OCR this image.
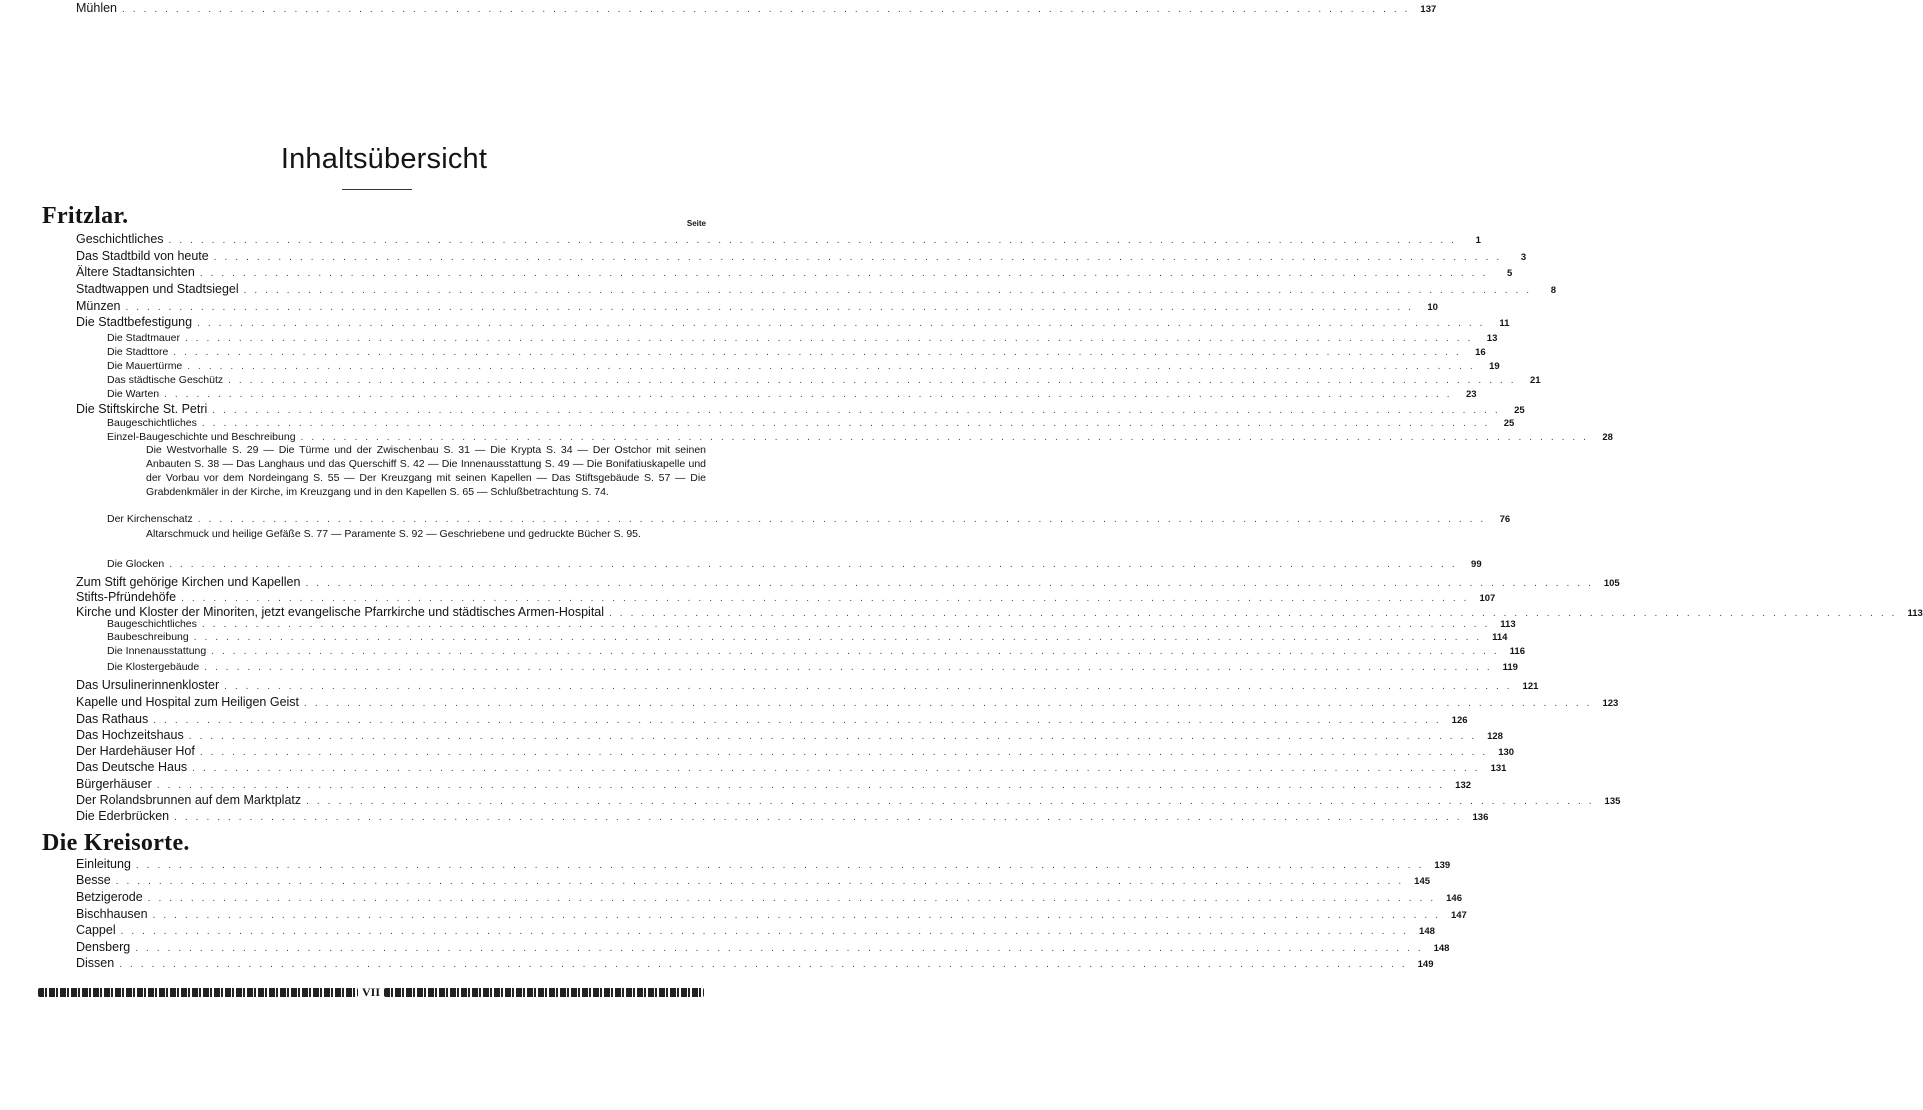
Inhaltsübersicht
Fritzlar.	Seite
Die Kreisorte.
Geschichtliches ........................................................................................................................	1
Das Stadtbild von heute ........................................................................................................................	3
Ältere Stadtansichten ........................................................................................................................	5
Stadtwappen und Stadtsiegel ........................................................................................................................	8
Münzen ........................................................................................................................ 10
Die Stadtbefestigung ........................................................................................................................ 11
Die Stadtmauer ........................................................................................................................ 13
Die Stadttore ........................................................................................................................ 16
Die Mauertürme ........................................................................................................................ 19
Das städtische Geschütz ........................................................................................................................ 21
Die Warten ........................................................................................................................ 23
Die Stiftskirche St. Petri ........................................................................................................................ 25
Baugeschichtliches ........................................................................................................................ 25
Einzel-Baugeschichte und Beschreibung ........................................................................................................................ 28
Die Westvorhalle S. 29 — Die Türme und der Zwischenbau S. 31 — Die Krypta S. 34 — Der Ostchor mit seinen Anbauten S. 38 — Das Langhaus und das Querschiff S. 42 — Die Innenausstattung S. 49 — Die Bonifatiuskapelle und der Vorbau vor dem Nordeingang S. 55 — Der Kreuzgang mit seinen Kapellen — Das Stiftsgebäude S. 57 — Die Grabdenkmäler in der Kirche, im Kreuzgang und in den Kapellen S. 65 — Schlußbetrachtung S. 74.
Der Kirchenschatz ........................................................................................................................ 76
Altarschmuck und heilige Gefäße S. 77 — Paramente S. 92 — Geschriebene und gedruckte Bücher S. 95.
Die Glocken ........................................................................................................................ 99
Zum Stift gehörige Kirchen und Kapellen ........................................................................................................................ 105
Stifts-Pfründehöfe ........................................................................................................................ 107
Kirche und Kloster der Minoriten, jetzt evangelische Pfarrkirche und städtisches Armen-Hospital ........................................................................................................................ 113
Baugeschichtliches ........................................................................................................................ 113
Baubeschreibung ........................................................................................................................ 114
Die Innenausstattung ........................................................................................................................ 116
Die Klostergebäude ........................................................................................................................ 119
Das Ursulinerinnenkloster ........................................................................................................................ 121
Kapelle und Hospital zum Heiligen Geist ........................................................................................................................ 123
Das Rathaus ........................................................................................................................ 126
Das Hochzeitshaus ........................................................................................................................ 128
Der Hardehäuser Hof ........................................................................................................................ 130
Das Deutsche Haus ........................................................................................................................ 131
Bürgerhäuser ........................................................................................................................ 132
Der Rolandsbrunnen auf dem Marktplatz ........................................................................................................................ 135
Die Ederbrücken ........................................................................................................................ 136
Mühlen ........................................................................................................................ 137
Einleitung ........................................................................................................................ 139
Besse ........................................................................................................................ 145
Betzigerode ........................................................................................................................ 146
Bischhausen ........................................................................................................................ 147
Cappel ........................................................................................................................ 148
Densberg ........................................................................................................................ 148
Dissen ........................................................................................................................ 149
VII
